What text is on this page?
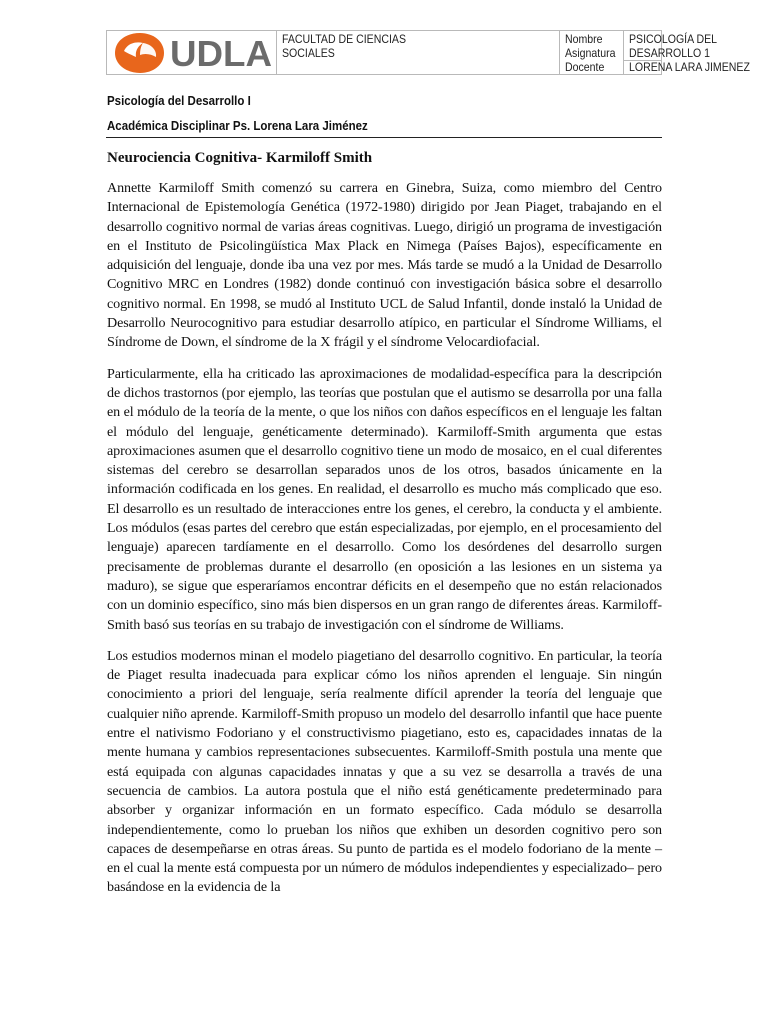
UDLA FACULTAD DE CIENCIAS SOCIALES
Nombre
Asignatura
Docente
PSICOLOGÍA DEL
DESARROLLO 1
LORENA LARA JIMENEZ
Psicología del Desarrollo I
Académica Disciplinar Ps. Lorena Lara Jiménez
Neurociencia Cognitiva- Karmiloff Smith

Annette Karmiloff Smith comenzó su carrera en Ginebra, Suiza, como miembro del Centro Internacional de Epistemología Genética (1972-1980) dirigido por Jean Piaget, trabajando en el desarrollo cognitivo normal de varias áreas cognitivas. Luego, dirigió un programa de investigación en el Instituto de Psicolingüística Max Plack en Nimega (Países Bajos), específicamente en adquisición del lenguaje, donde iba una vez por mes. Más tarde se mudó a la Unidad de Desarrollo Cognitivo MRC en Londres (1982) donde continuó con investigación básica sobre el desarrollo cognitivo normal. En 1998, se mudó al Instituto UCL de Salud Infantil, donde instaló la Unidad de Desarrollo Neurocognitivo para estudiar desarrollo atípico, en particular el Síndrome Williams, el Síndrome de Down, el síndrome de la X frágil y el síndrome Velocardiofacial.

Particularmente, ella ha criticado las aproximaciones de modalidad-específica para la descripción de dichos trastornos (por ejemplo, las teorías que postulan que el autismo se desarrolla por una falla en el módulo de la teoría de la mente, o que los niños con daños específicos en el lenguaje les faltan el módulo del lenguaje, genéticamente determinado). Karmiloff-Smith argumenta que estas aproximaciones asumen que el desarrollo cognitivo tiene un modo de mosaico, en el cual diferentes sistemas del cerebro se desarrollan separados unos de los otros, basados únicamente en la información codificada en los genes. En realidad, el desarrollo es mucho más complicado que eso. El desarrollo es un resultado de interacciones entre los genes, el cerebro, la conducta y el ambiente. Los módulos (esas partes del cerebro que están especializadas, por ejemplo, en el procesamiento del lenguaje) aparecen tardíamente en el desarrollo. Como los desórdenes del desarrollo surgen precisamente de problemas durante el desarrollo (en oposición a las lesiones en un sistema ya maduro), se sigue que esperaríamos encontrar déficits en el desempeño que no están relacionados con un dominio específico, sino más bien dispersos en un gran rango de diferentes áreas. Karmiloff-Smith basó sus teorías en su trabajo de investigación con el síndrome de Williams.

Los estudios modernos minan el modelo piagetiano del desarrollo cognitivo. En particular, la teoría de Piaget resulta inadecuada para explicar cómo los niños aprenden el lenguaje. Sin ningún conocimiento a priori del lenguaje, sería realmente difícil aprender la teoría del lenguaje que cualquier niño aprende. Karmiloff-Smith propuso un modelo del desarrollo infantil que hace puente entre el nativismo Fodoriano y el constructivismo piagetiano, esto es, capacidades innatas de la mente humana y cambios representaciones subsecuentes. Karmiloff-Smith postula una mente que está equipada con algunas capacidades innatas y que a su vez se desarrolla a través de una secuencia de cambios. La autora postula que el niño está genéticamente predeterminado para absorber y organizar información en un formato específico. Cada módulo se desarrolla independientemente, como lo prueban los niños que exhiben un desorden cognitivo pero son capaces de desempeñarse en otras áreas. Su punto de partida es el modelo fodoriano de la mente –en el cual la mente está compuesta por un número de módulos independientes y especializado– pero basándose en la evidencia de la
